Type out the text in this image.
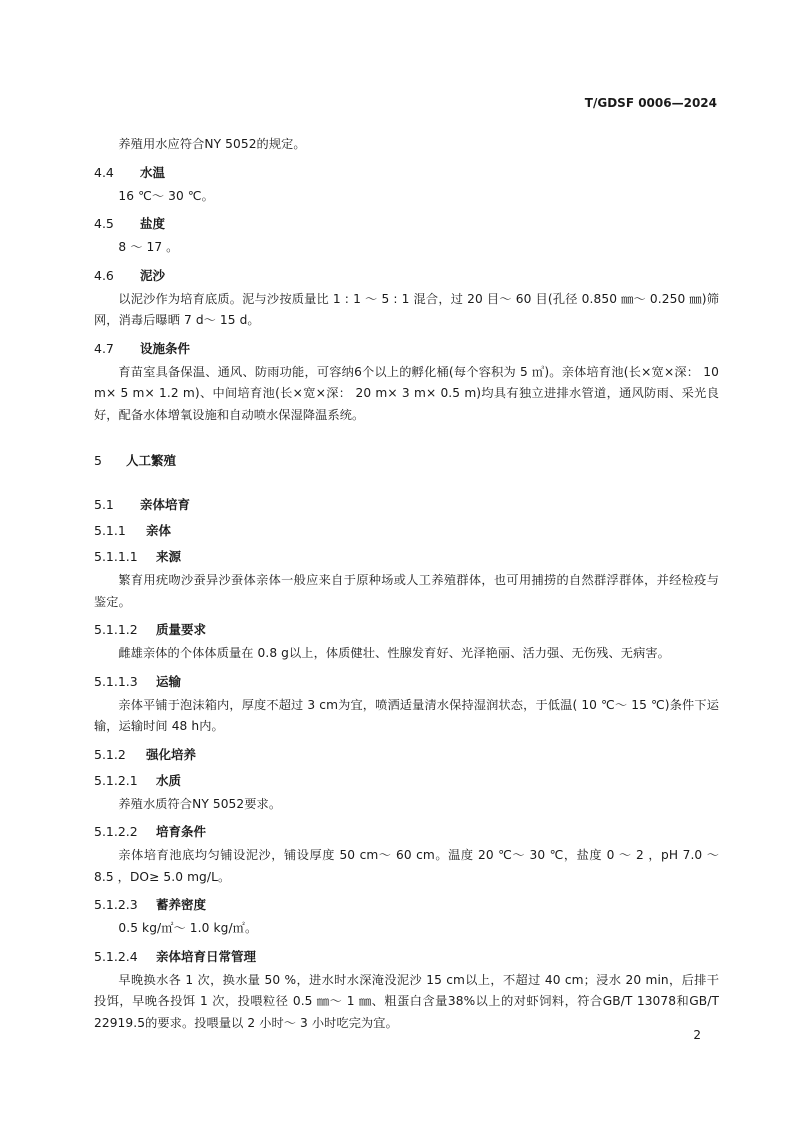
T/GDSF 0006—2024
养殖用水应符合NY 5052的规定。
4.4 水温
16 ℃～ 30 ℃。
4.5 盐度
8 ～ 17 。
4.6 泥沙
以泥沙作为培育底质。泥与沙按质量比 1 : 1 ～ 5 : 1 混合，过 20 目～ 60 目(孔径 0.850 ㎜～ 0.250 ㎜)筛网，消毒后曝晒 7 d～ 15 d。
4.7 设施条件
育苗室具备保温、通风、防雨功能，可容纳6个以上的孵化桶(每个容积为 5 ㎥)。亲体培育池(长×宽×深： 10 m× 5 m× 1.2 m)、中间培育池(长×宽×深： 20 m× 3 m× 0.5 m)均具有独立进排水管道，通风防雨、采光良好，配备水体增氧设施和自动喷水保湿降温系统。
5 人工繁殖
5.1 亲体培育
5.1.1 亲体
5.1.1.1 来源
繁育用疣吻沙蚕异沙蚕体亲体一般应来自于原种场或人工养殖群体，也可用捕捞的自然群浮群体，并经检疫与鉴定。
5.1.1.2 质量要求
雌雄亲体的个体体质量在 0.8 g以上，体质健壮、性腺发育好、光泽艳丽、活力强、无伤残、无病害。
5.1.1.3 运输
亲体平铺于泡沫箱内，厚度不超过 3 cm为宜，喷洒适量清水保持湿润状态，于低温( 10 ℃～ 15 ℃)条件下运输，运输时间 48 h内。
5.1.2 强化培养
5.1.2.1 水质
养殖水质符合NY 5052要求。
5.1.2.2 培育条件
亲体培育池底均匀铺设泥沙，铺设厚度 50 cm～ 60 cm。温度 20 ℃～ 30 ℃，盐度 0 ～ 2 ，pH 7.0 ～ 8.5 ，DO≥ 5.0 mg/L。
5.1.2.3 蓄养密度
0.5 kg/㎡～ 1.0 kg/㎡。
5.1.2.4 亲体培育日常管理
早晚换水各 1 次，换水量 50 %，进水时水深淹没泥沙 15 cm以上，不超过 40 cm；浸水 20 min，后排干投饵，早晚各投饵 1 次，投喂粒径 0.5 ㎜～ 1 ㎜、粗蛋白含量38%以上的对虾饲料，符合GB/T 13078和GB/T 22919.5的要求。投喂量以 2 小时～ 3 小时吃完为宜。
2
